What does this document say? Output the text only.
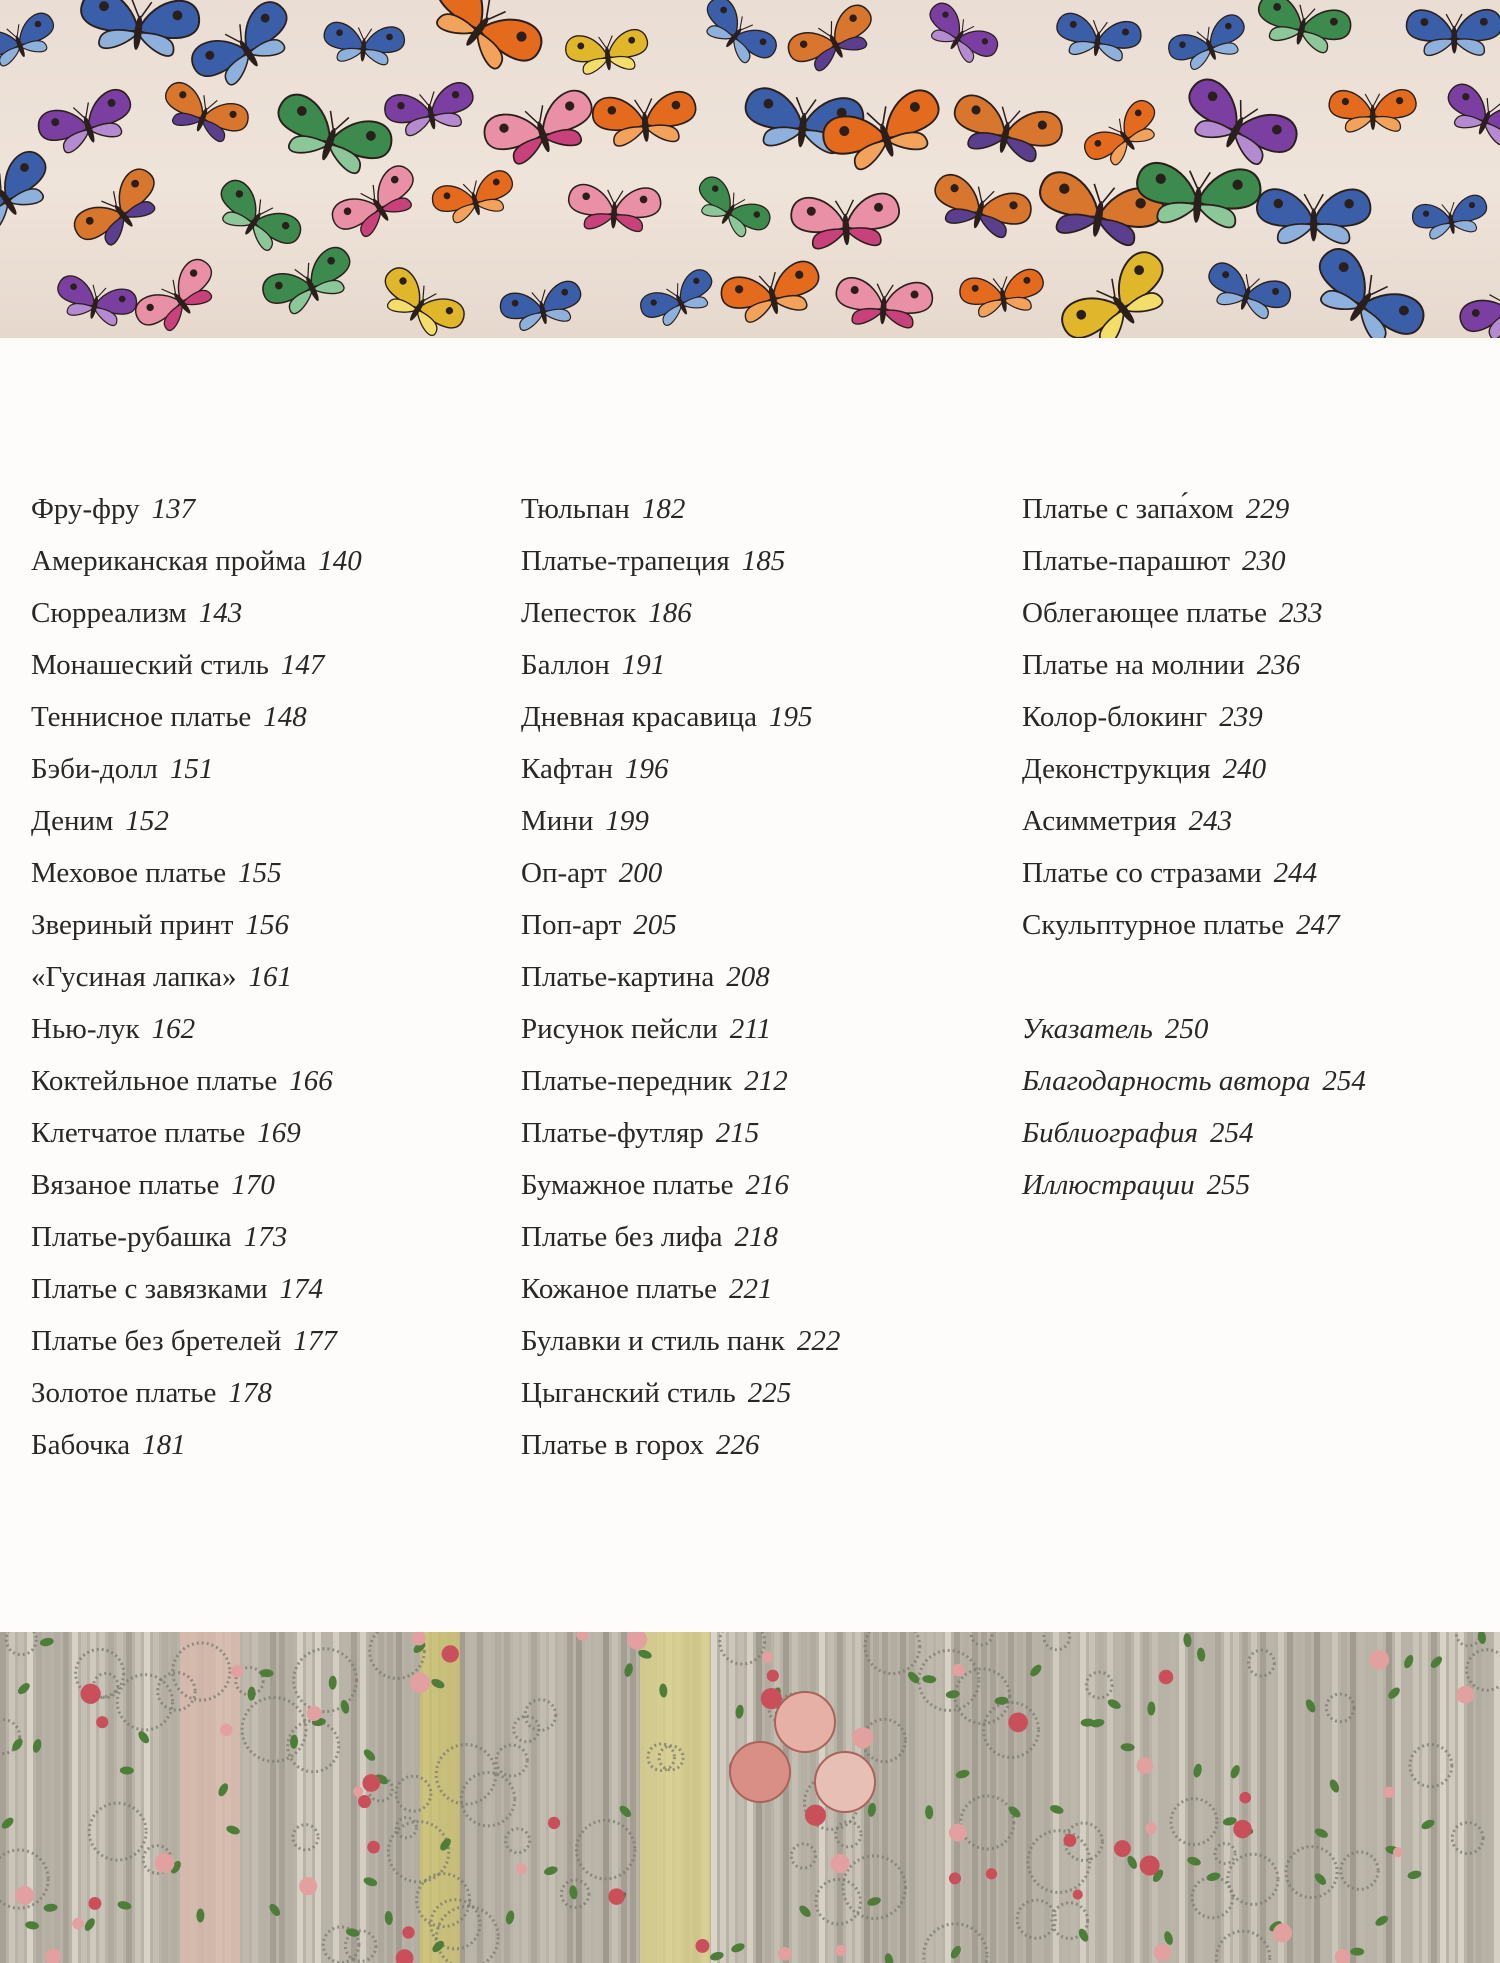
Фру-фру 137
Американская пройма 140
Сюрреализм 143
Монашеский стиль 147
Теннисное платье 148
Бэби-долл 151
Деним 152
Меховое платье 155
Звериный принт 156
«Гусиная лапка» 161
Нью-лук 162
Коктейльное платье 166
Клетчатое платье 169
Вязаное платье 170
Платье-рубашка 173
Платье с завязками 174
Платье без бретелей 177
Золотое платье 178
Бабочка 181
Тюльпан 182
Платье-трапеция 185
Лепесток 186
Баллон 191
Дневная красавица 195
Кафтан 196
Мини 199
Оп-арт 200
Поп-арт 205
Платье-картина 208
Рисунок пейсли 211
Платье-передник 212
Платье-футляр 215
Бумажное платье 216
Платье без лифа 218
Кожаное платье 221
Булавки и стиль панк 222
Цыганский стиль 225
Платье в горох 226
Платье с запа́хом 229
Платье-парашют 230
Облегающее платье 233
Платье на молнии 236
Колор-блокинг 239
Деконструкция 240
Асимметрия 243
Платье со стразами 244
Скульптурное платье 247
Указатель 250
Благодарность автора 254
Библиография 254
Иллюстрации 255
